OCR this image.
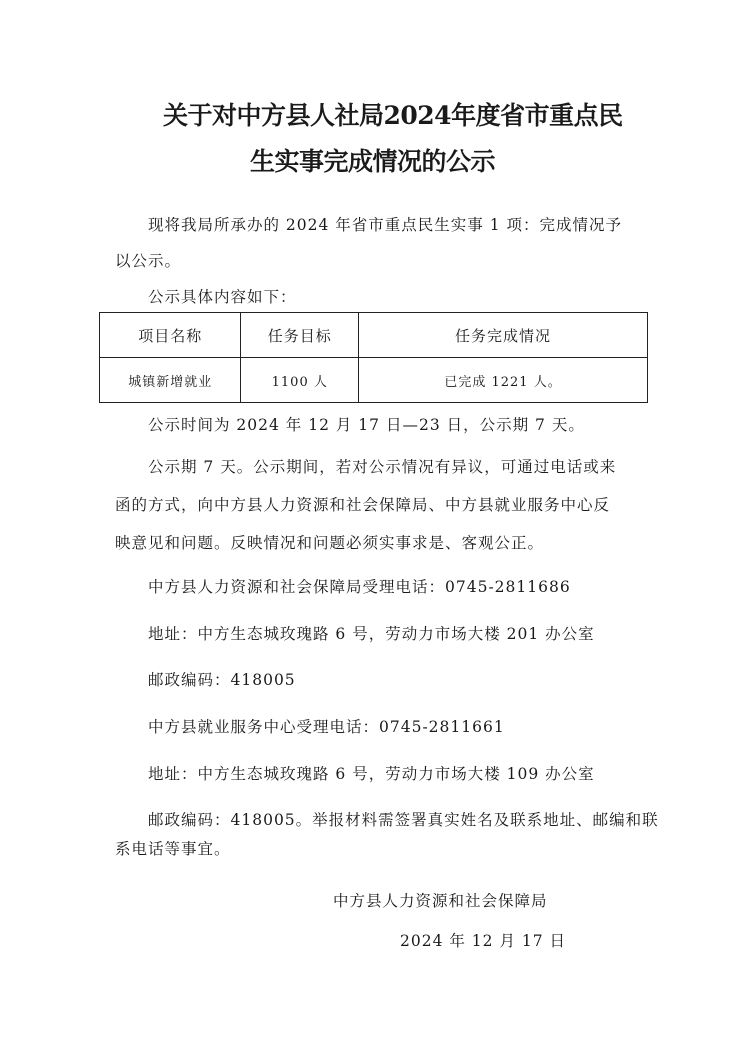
关于对中方县人社局2024年度省市重点民
生实事完成情况的公示
现将我局所承办的 2024 年省市重点民生实事 1 项：完成情况予
以公示。
公示具体内容如下：
项目名称	任务目标	任务完成情况
城镇新增就业	1100 人	已完成 1221 人。
公示时间为 2024 年 12 月 17 日—23 日，公示期 7 天。
公示期 7 天。公示期间，若对公示情况有异议，可通过电话或来
函的方式，向中方县人力资源和社会保障局、中方县就业服务中心反
映意见和问题。反映情况和问题必须实事求是、客观公正。
中方县人力资源和社会保障局受理电话：0745-2811686
地址：中方生态城玫瑰路 6 号，劳动力市场大楼 201 办公室
邮政编码：418005
中方县就业服务中心受理电话：0745-2811661
地址：中方生态城玫瑰路 6 号，劳动力市场大楼 109 办公室
邮政编码：418005。举报材料需签署真实姓名及联系地址、邮编和联
系电话等事宜。
中方县人力资源和社会保障局
2024 年 12 月 17 日
